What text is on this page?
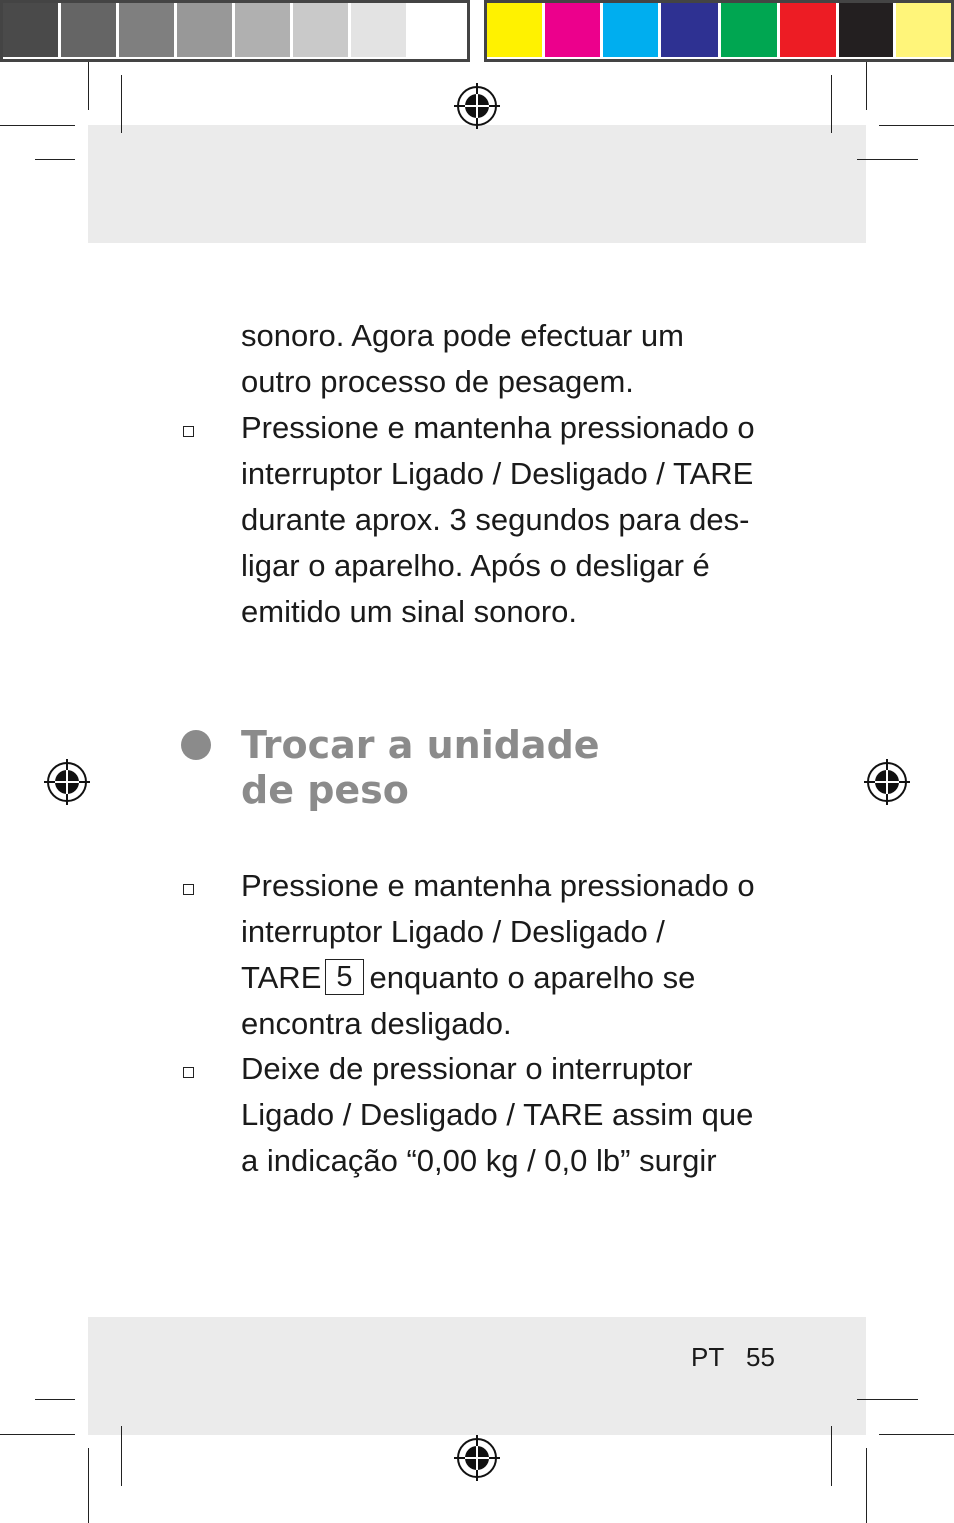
sonoro. Agora pode efectuar um
outro processo de pesagem.
Pressione e mantenha pressionado o
interruptor Ligado / Desligado / TARE
durante aprox. 3 segundos para des-
ligar o aparelho. Após o desligar é
emitido um sinal sonoro.
Trocar a unidade
de peso
Pressione e mantenha pressionado o
interruptor Ligado / Desligado /
TARE 5 enquanto o aparelho se
encontra desligado.
Deixe de pressionar o interruptor
Ligado / Desligado / TARE assim que
a indicação “0,00 kg / 0,0 lb” surgir
PT 55
